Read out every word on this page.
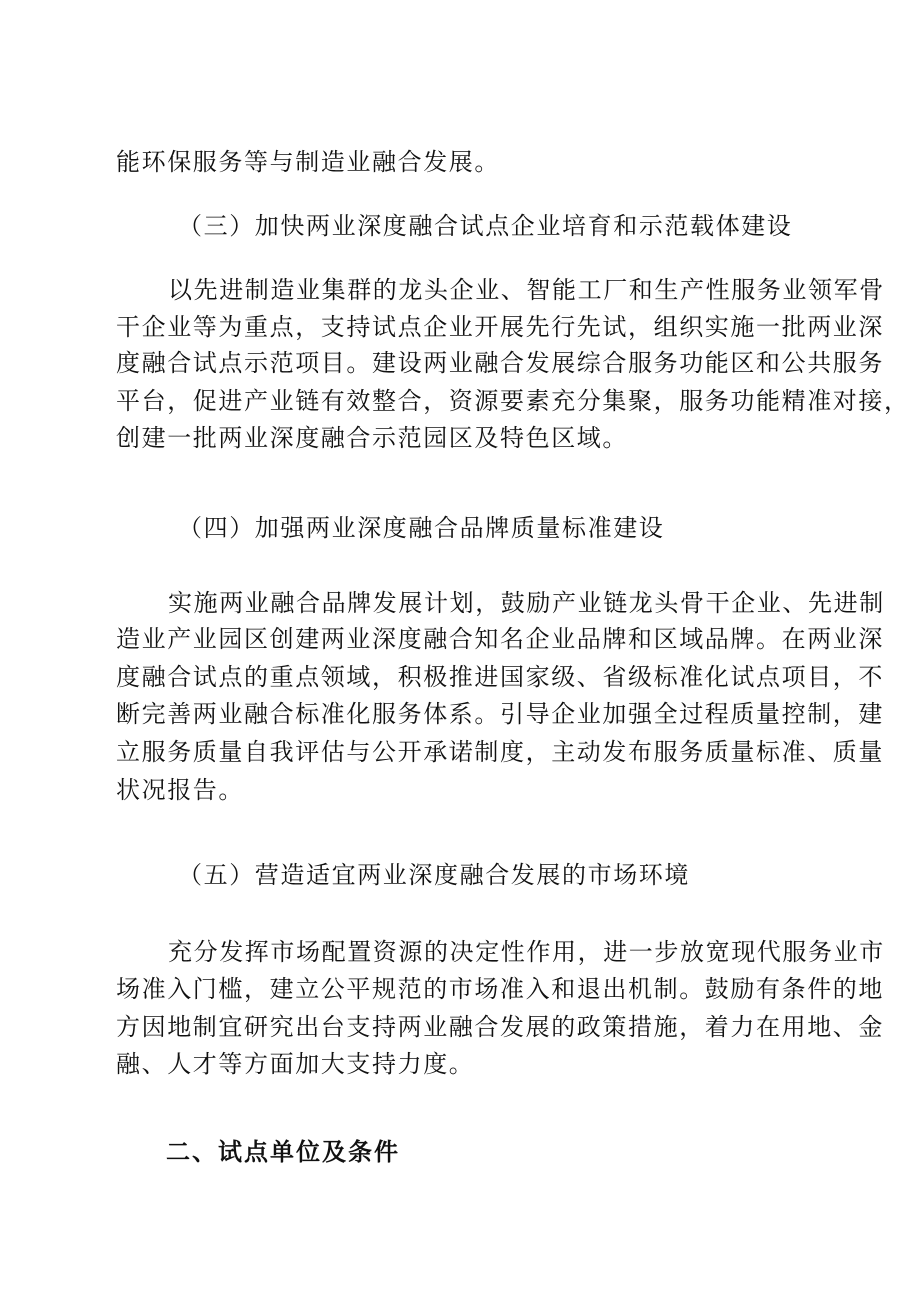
能环保服务等与制造业融合发展。
（三）加快两业深度融合试点企业培育和示范载体建设
以先进制造业集群的龙头企业、智能工厂和生产性服务业领军骨
干企业等为重点，支持试点企业开展先行先试，组织实施一批两业深
度融合试点示范项目。建设两业融合发展综合服务功能区和公共服务
平台，促进产业链有效整合，资源要素充分集聚，服务功能精准对接，
创建一批两业深度融合示范园区及特色区域。
（四）加强两业深度融合品牌质量标准建设
实施两业融合品牌发展计划，鼓励产业链龙头骨干企业、先进制
造业产业园区创建两业深度融合知名企业品牌和区域品牌。在两业深
度融合试点的重点领域，积极推进国家级、省级标准化试点项目，不
断完善两业融合标准化服务体系。引导企业加强全过程质量控制，建
立服务质量自我评估与公开承诺制度，主动发布服务质量标准、质量
状况报告。
（五）营造适宜两业深度融合发展的市场环境
充分发挥市场配置资源的决定性作用，进一步放宽现代服务业市
场准入门槛，建立公平规范的市场准入和退出机制。鼓励有条件的地
方因地制宜研究出台支持两业融合发展的政策措施，着力在用地、金
融、人才等方面加大支持力度。
二、试点单位及条件
